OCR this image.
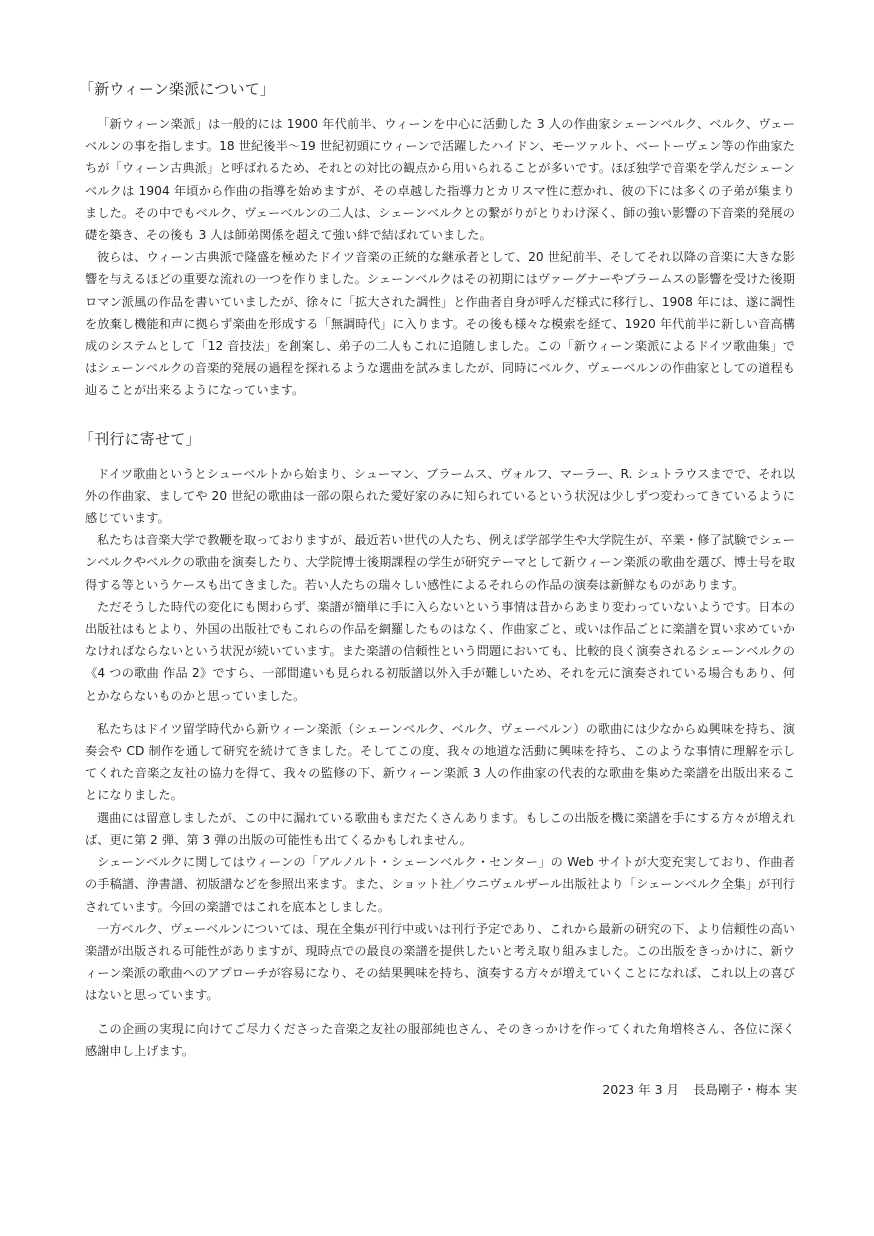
「新ウィーン楽派について」

「新ウィーン楽派」は一般的には 1900 年代前半、ウィーンを中心に活動した 3 人の作曲家シェーンベルク、ベルク、ヴェーベルンの事を指します。18 世紀後半〜19 世紀初頭にウィーンで活躍したハイドン、モーツァルト、ベートーヴェン等の作曲家たちが「ウィーン古典派」と呼ばれるため、それとの対比の観点から用いられることが多いです。ほぼ独学で音楽を学んだシェーンベルクは 1904 年頃から作曲の指導を始めますが、その卓越した指導力とカリスマ性に惹かれ、彼の下には多くの子弟が集まりました。その中でもベルク、ヴェーベルンの二人は、シェーンベルクとの繋がりがとりわけ深く、師の強い影響の下音楽的発展の礎を築き、その後も 3 人は師弟関係を超えて強い絆で結ばれていました。

彼らは、ウィーン古典派で隆盛を極めたドイツ音楽の正統的な継承者として、20 世紀前半、そしてそれ以降の音楽に大きな影響を与えるほどの重要な流れの一つを作りました。シェーンベルクはその初期にはヴァーグナーやブラームスの影響を受けた後期ロマン派風の作品を書いていましたが、徐々に「拡大された調性」と作曲者自身が呼んだ様式に移行し、1908 年には、遂に調性を放棄し機能和声に拠らず楽曲を形成する「無調時代」に入ります。その後も様々な模索を経て、1920 年代前半に新しい音高構成のシステムとして「12 音技法」を創案し、弟子の二人もこれに追随しました。この「新ウィーン楽派によるドイツ歌曲集」ではシェーンベルクの音楽的発展の過程を探れるような選曲を試みましたが、同時にベルク、ヴェーベルンの作曲家としての道程も辿ることが出来るようになっています。

「刊行に寄せて」

ドイツ歌曲というとシューベルトから始まり、シューマン、ブラームス、ヴォルフ、マーラー、R. シュトラウスまでで、それ以外の作曲家、ましてや 20 世紀の歌曲は一部の限られた愛好家のみに知られているという状況は少しずつ変わってきているように感じています。

私たちは音楽大学で教鞭を取っておりますが、最近若い世代の人たち、例えば学部学生や大学院生が、卒業・修了試験でシェーンベルクやベルクの歌曲を演奏したり、大学院博士後期課程の学生が研究テーマとして新ウィーン楽派の歌曲を選び、博士号を取得する等というケースも出てきました。若い人たちの瑞々しい感性によるそれらの作品の演奏は新鮮なものがあります。

ただそうした時代の変化にも関わらず、楽譜が簡単に手に入らないという事情は昔からあまり変わっていないようです。日本の出版社はもとより、外国の出版社でもこれらの作品を網羅したものはなく、作曲家ごと、或いは作品ごとに楽譜を買い求めていかなければならないという状況が続いています。また楽譜の信頼性という問題においても、比較的良く演奏されるシェーンベルクの《4 つの歌曲 作品 2》ですら、一部間違いも見られる初版譜以外入手が難しいため、それを元に演奏されている場合もあり、何とかならないものかと思っていました。

私たちはドイツ留学時代から新ウィーン楽派（シェーンベルク、ベルク、ヴェーベルン）の歌曲には少なからぬ興味を持ち、演奏会や CD 制作を通して研究を続けてきました。そしてこの度、我々の地道な活動に興味を持ち、このような事情に理解を示してくれた音楽之友社の協力を得て、我々の監修の下、新ウィーン楽派 3 人の作曲家の代表的な歌曲を集めた楽譜を出版出来ることになりました。

選曲には留意しましたが、この中に漏れている歌曲もまだたくさんあります。もしこの出版を機に楽譜を手にする方々が増えれば、更に第 2 弾、第 3 弾の出版の可能性も出てくるかもしれません。

シェーンベルクに関してはウィーンの「アルノルト・シェーンベルク・センター」の Web サイトが大変充実しており、作曲者の手稿譜、浄書譜、初版譜などを参照出来ます。また、ショット社／ウニヴェルザール出版社より「シェーンベルク全集」が刊行されています。今回の楽譜ではこれを底本としました。

一方ベルク、ヴェーベルンについては、現在全集が刊行中或いは刊行予定であり、これから最新の研究の下、より信頼性の高い楽譜が出版される可能性がありますが、現時点での最良の楽譜を提供したいと考え取り組みました。この出版をきっかけに、新ウィーン楽派の歌曲へのアプローチが容易になり、その結果興味を持ち、演奏する方々が増えていくことになれば、これ以上の喜びはないと思っています。

この企画の実現に向けてご尽力くださった音楽之友社の服部純也さん、そのきっかけを作ってくれた角増柊さん、各位に深く感謝申し上げます。

2023 年 3 月 長島剛子・梅本 実
